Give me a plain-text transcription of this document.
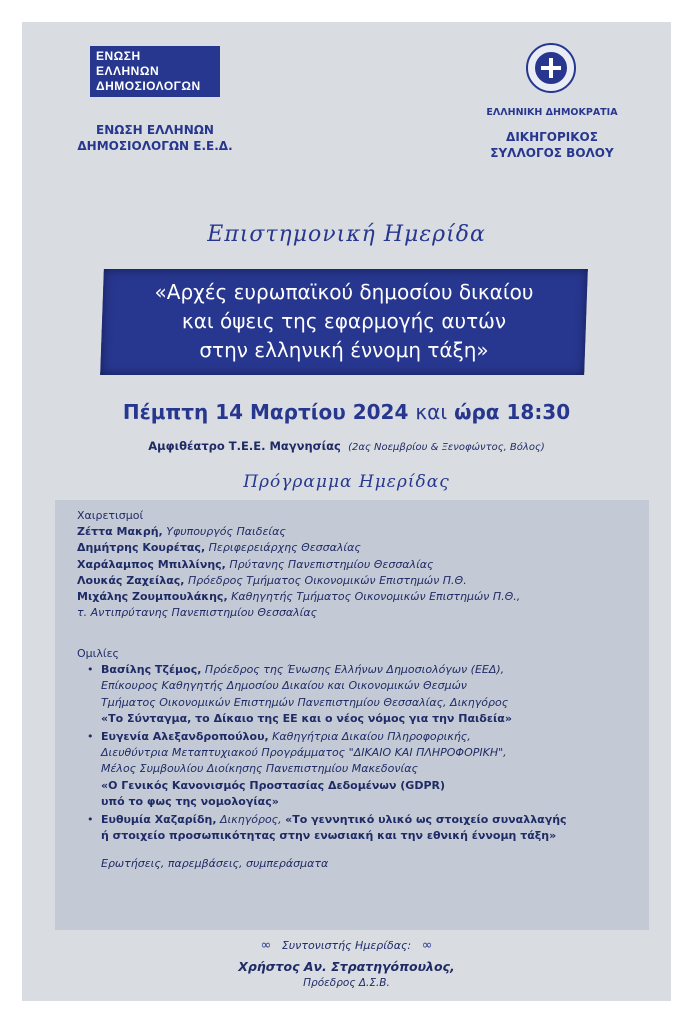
ΕΝΩΣΗ
ΕΛΛΗΝΩΝ
ΔΗΜΟΣΙΟΛΟΓΩΝ
ΕΝΩΣΗ ΕΛΛΗΝΩΝ
ΔΗΜΟΣΙΟΛΟΓΩΝ Ε.Ε.Δ.
ΕΛΛΗΝΙΚΗ ΔΗΜΟΚΡΑΤΙΑ
ΔΙΚΗΓΟΡΙΚΟΣ
ΣΥΛΛΟΓΟΣ ΒΟΛΟΥ
Επιστημονική Ημερίδα
«Αρχές ευρωπαϊκού δημοσίου δικαίου
και όψεις της εφαρμογής αυτών
στην ελληνική έννομη τάξη»
Πέμπτη 14 Μαρτίου 2024 και ώρα 18:30
Αμφιθέατρο Τ.Ε.Ε. Μαγνησίας (2ας Νοεμβρίου & Ξενοφώντος, Βόλος)
Πρόγραμμα Ημερίδας
Χαιρετισμοί
Ζέττα Μακρή, Υφυπουργός Παιδείας
Δημήτρης Κουρέτας, Περιφερειάρχης Θεσσαλίας
Χαράλαμπος Μπιλλίνης, Πρύτανης Πανεπιστημίου Θεσσαλίας
Λουκάς Ζαχείλας, Πρόεδρος Τμήματος Οικονομικών Επιστημών Π.Θ.
Μιχάλης Ζουμπουλάκης, Καθηγητής Τμήματος Οικονομικών Επιστημών Π.Θ.,
τ. Αντιπρύτανης Πανεπιστημίου Θεσσαλίας
Ομιλίες
• Βασίλης Τζέμος, Πρόεδρος της Ένωσης Ελλήνων Δημοσιολόγων (ΕΕΔ),
Επίκουρος Καθηγητής Δημοσίου Δικαίου και Οικονομικών Θεσμών
Τμήματος Οικονομικών Επιστημών Πανεπιστημίου Θεσσαλίας, Δικηγόρος
«Το Σύνταγμα, το Δίκαιο της ΕΕ και ο νέος νόμος για την Παιδεία»
• Ευγενία Αλεξανδροπούλου, Καθηγήτρια Δικαίου Πληροφορικής,
Διευθύντρια Μεταπτυχιακού Προγράμματος "ΔΙΚΑΙΟ ΚΑΙ ΠΛΗΡΟΦΟΡΙΚΗ",
Μέλος Συμβουλίου Διοίκησης Πανεπιστημίου Μακεδονίας
«Ο Γενικός Κανονισμός Προστασίας Δεδομένων (GDPR)
υπό το φως της νομολογίας»
• Ευθυμία Χαζαρίδη, Δικηγόρος, «Το γεννητικό υλικό ως στοιχείο συναλλαγής
ή στοιχείο προσωπικότητας στην ενωσιακή και την εθνική έννομη τάξη»
Ερωτήσεις, παρεμβάσεις, συμπεράσματα
∞ Συντονιστής Ημερίδας: ∞
Χρήστος Αν. Στρατηγόπουλος,
Πρόεδρος Δ.Σ.Β.
